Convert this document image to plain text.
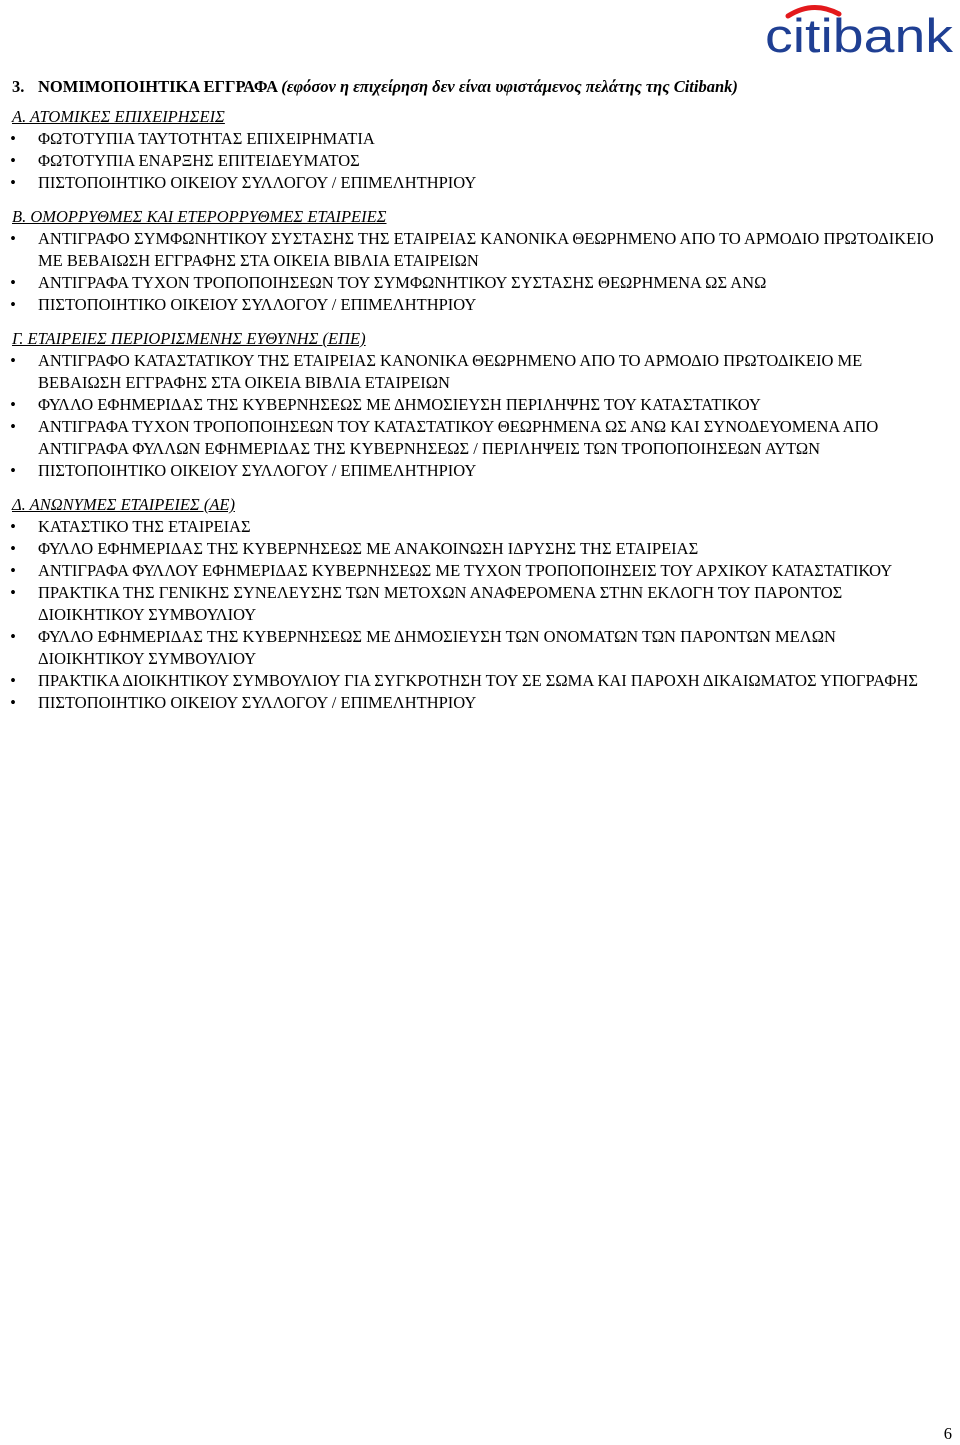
citibank
3. ΝΟΜΙΜΟΠΟΙΗΤΙΚΑ ΕΓΓΡΑΦΑ (εφόσον η επιχείρηση δεν είναι υφιστάμενος πελάτης της Citibank)
Α. ΑΤΟΜΙΚΕΣ ΕΠΙΧΕΙΡΗΣΕΙΣ
• ΦΩΤΟΤΥΠΙΑ ΤΑΥΤΟΤΗΤΑΣ ΕΠΙΧΕΙΡΗΜΑΤΙΑ
• ΦΩΤΟΤΥΠΙΑ ΕΝΑΡΞΗΣ ΕΠΙΤΕΙΔΕΥΜΑΤΟΣ
• ΠΙΣΤΟΠΟΙΗΤΙΚΟ ΟΙΚΕΙΟΥ ΣΥΛΛΟΓΟΥ / ΕΠΙΜΕΛΗΤΗΡΙΟΥ
Β. ΟΜΟΡΡΥΘΜΕΣ ΚΑΙ ΕΤΕΡΟΡΡΥΘΜΕΣ ΕΤΑΙΡΕΙΕΣ
• ΑΝΤΙΓΡΑΦΟ ΣΥΜΦΩΝΗΤΙΚΟΥ ΣΥΣΤΑΣΗΣ ΤΗΣ ΕΤΑΙΡΕΙΑΣ ΚΑΝΟΝΙΚΑ ΘΕΩΡΗΜΕΝΟ ΑΠΟ ΤΟ ΑΡΜΟΔΙΟ ΠΡΩΤΟΔΙΚΕΙΟ ΜΕ ΒΕΒΑΙΩΣΗ ΕΓΓΡΑΦΗΣ ΣΤΑ ΟΙΚΕΙΑ ΒΙΒΛΙΑ ΕΤΑΙΡΕΙΩΝ
• ΑΝΤΙΓΡΑΦΑ ΤΥΧΟΝ ΤΡΟΠΟΠΟΙΗΣΕΩΝ ΤΟΥ ΣΥΜΦΩΝΗΤΙΚΟΥ ΣΥΣΤΑΣΗΣ ΘΕΩΡΗΜΕΝΑ ΩΣ ΑΝΩ
• ΠΙΣΤΟΠΟΙΗΤΙΚΟ ΟΙΚΕΙΟΥ ΣΥΛΛΟΓΟΥ / ΕΠΙΜΕΛΗΤΗΡΙΟΥ
Γ. ΕΤΑΙΡΕΙΕΣ ΠΕΡΙΟΡΙΣΜΕΝΗΣ ΕΥΘΥΝΗΣ (ΕΠΕ)
• ΑΝΤΙΓΡΑΦΟ ΚΑΤΑΣΤΑΤΙΚΟΥ ΤΗΣ ΕΤΑΙΡΕΙΑΣ ΚΑΝΟΝΙΚΑ ΘΕΩΡΗΜΕΝΟ ΑΠΟ ΤΟ ΑΡΜΟΔΙΟ ΠΡΩΤΟΔΙΚΕΙΟ ΜΕ ΒΕΒΑΙΩΣΗ ΕΓΓΡΑΦΗΣ ΣΤΑ ΟΙΚΕΙΑ ΒΙΒΛΙΑ ΕΤΑΙΡΕΙΩΝ
• ΦΥΛΛΟ ΕΦΗΜΕΡΙΔΑΣ ΤΗΣ ΚΥΒΕΡΝΗΣΕΩΣ ΜΕ ΔΗΜΟΣΙΕΥΣΗ ΠΕΡΙΛΗΨΗΣ ΤΟΥ ΚΑΤΑΣΤΑΤΙΚΟΥ
• ΑΝΤΙΓΡΑΦΑ ΤΥΧΟΝ ΤΡΟΠΟΠΟΙΗΣΕΩΝ ΤΟΥ ΚΑΤΑΣΤΑΤΙΚΟΥ ΘΕΩΡΗΜΕΝΑ ΩΣ ΑΝΩ ΚΑΙ ΣΥΝΟΔΕΥΟΜΕΝΑ ΑΠΟ ΑΝΤΙΓΡΑΦΑ ΦΥΛΛΩΝ ΕΦΗΜΕΡΙΔΑΣ ΤΗΣ ΚΥΒΕΡΝΗΣΕΩΣ / ΠΕΡΙΛΗΨΕΙΣ ΤΩΝ ΤΡΟΠΟΠΟΙΗΣΕΩΝ ΑΥΤΩΝ
• ΠΙΣΤΟΠΟΙΗΤΙΚΟ ΟΙΚΕΙΟΥ ΣΥΛΛΟΓΟΥ / ΕΠΙΜΕΛΗΤΗΡΙΟΥ
Δ. ΑΝΩΝΥΜΕΣ ΕΤΑΙΡΕΙΕΣ (ΑΕ)
• ΚΑΤΑΣΤΙΚΟ ΤΗΣ ΕΤΑΙΡΕΙΑΣ
• ΦΥΛΛΟ ΕΦΗΜΕΡΙΔΑΣ ΤΗΣ ΚΥΒΕΡΝΗΣΕΩΣ ΜΕ ΑΝΑΚΟΙΝΩΣΗ ΙΔΡΥΣΗΣ ΤΗΣ ΕΤΑΙΡΕΙΑΣ
• ΑΝΤΙΓΡΑΦΑ ΦΥΛΛΟΥ ΕΦΗΜΕΡΙΔΑΣ ΚΥΒΕΡΝΗΣΕΩΣ ΜΕ ΤΥΧΟΝ ΤΡΟΠΟΠΟΙΗΣΕΙΣ ΤΟΥ ΑΡΧΙΚΟΥ ΚΑΤΑΣΤΑΤΙΚΟΥ
• ΠΡΑΚΤΙΚΑ ΤΗΣ ΓΕΝΙΚΗΣ ΣΥΝΕΛΕΥΣΗΣ ΤΩΝ ΜΕΤΟΧΩΝ ΑΝΑΦΕΡΟΜΕΝΑ ΣΤΗΝ ΕΚΛΟΓΗ ΤΟΥ ΠΑΡΟΝΤΟΣ ΔΙΟΙΚΗΤΙΚΟΥ ΣΥΜΒΟΥΛΙΟΥ
• ΦΥΛΛΟ ΕΦΗΜΕΡΙΔΑΣ ΤΗΣ ΚΥΒΕΡΝΗΣΕΩΣ ΜΕ ΔΗΜΟΣΙΕΥΣΗ ΤΩΝ ΟΝΟΜΑΤΩΝ ΤΩΝ ΠΑΡΟΝΤΩΝ ΜΕΛΩΝ ΔΙΟΙΚΗΤΙΚΟΥ ΣΥΜΒΟΥΛΙΟΥ
• ΠΡΑΚΤΙΚΑ ΔΙΟΙΚΗΤΙΚΟΥ ΣΥΜΒΟΥΛΙΟΥ ΓΙΑ ΣΥΓΚΡΟΤΗΣΗ ΤΟΥ ΣΕ ΣΩΜΑ ΚΑΙ ΠΑΡΟΧΗ ΔΙΚΑΙΩΜΑΤΟΣ ΥΠΟΓΡΑΦΗΣ
• ΠΙΣΤΟΠΟΙΗΤΙΚΟ ΟΙΚΕΙΟΥ ΣΥΛΛΟΓΟΥ / ΕΠΙΜΕΛΗΤΗΡΙΟΥ
6
